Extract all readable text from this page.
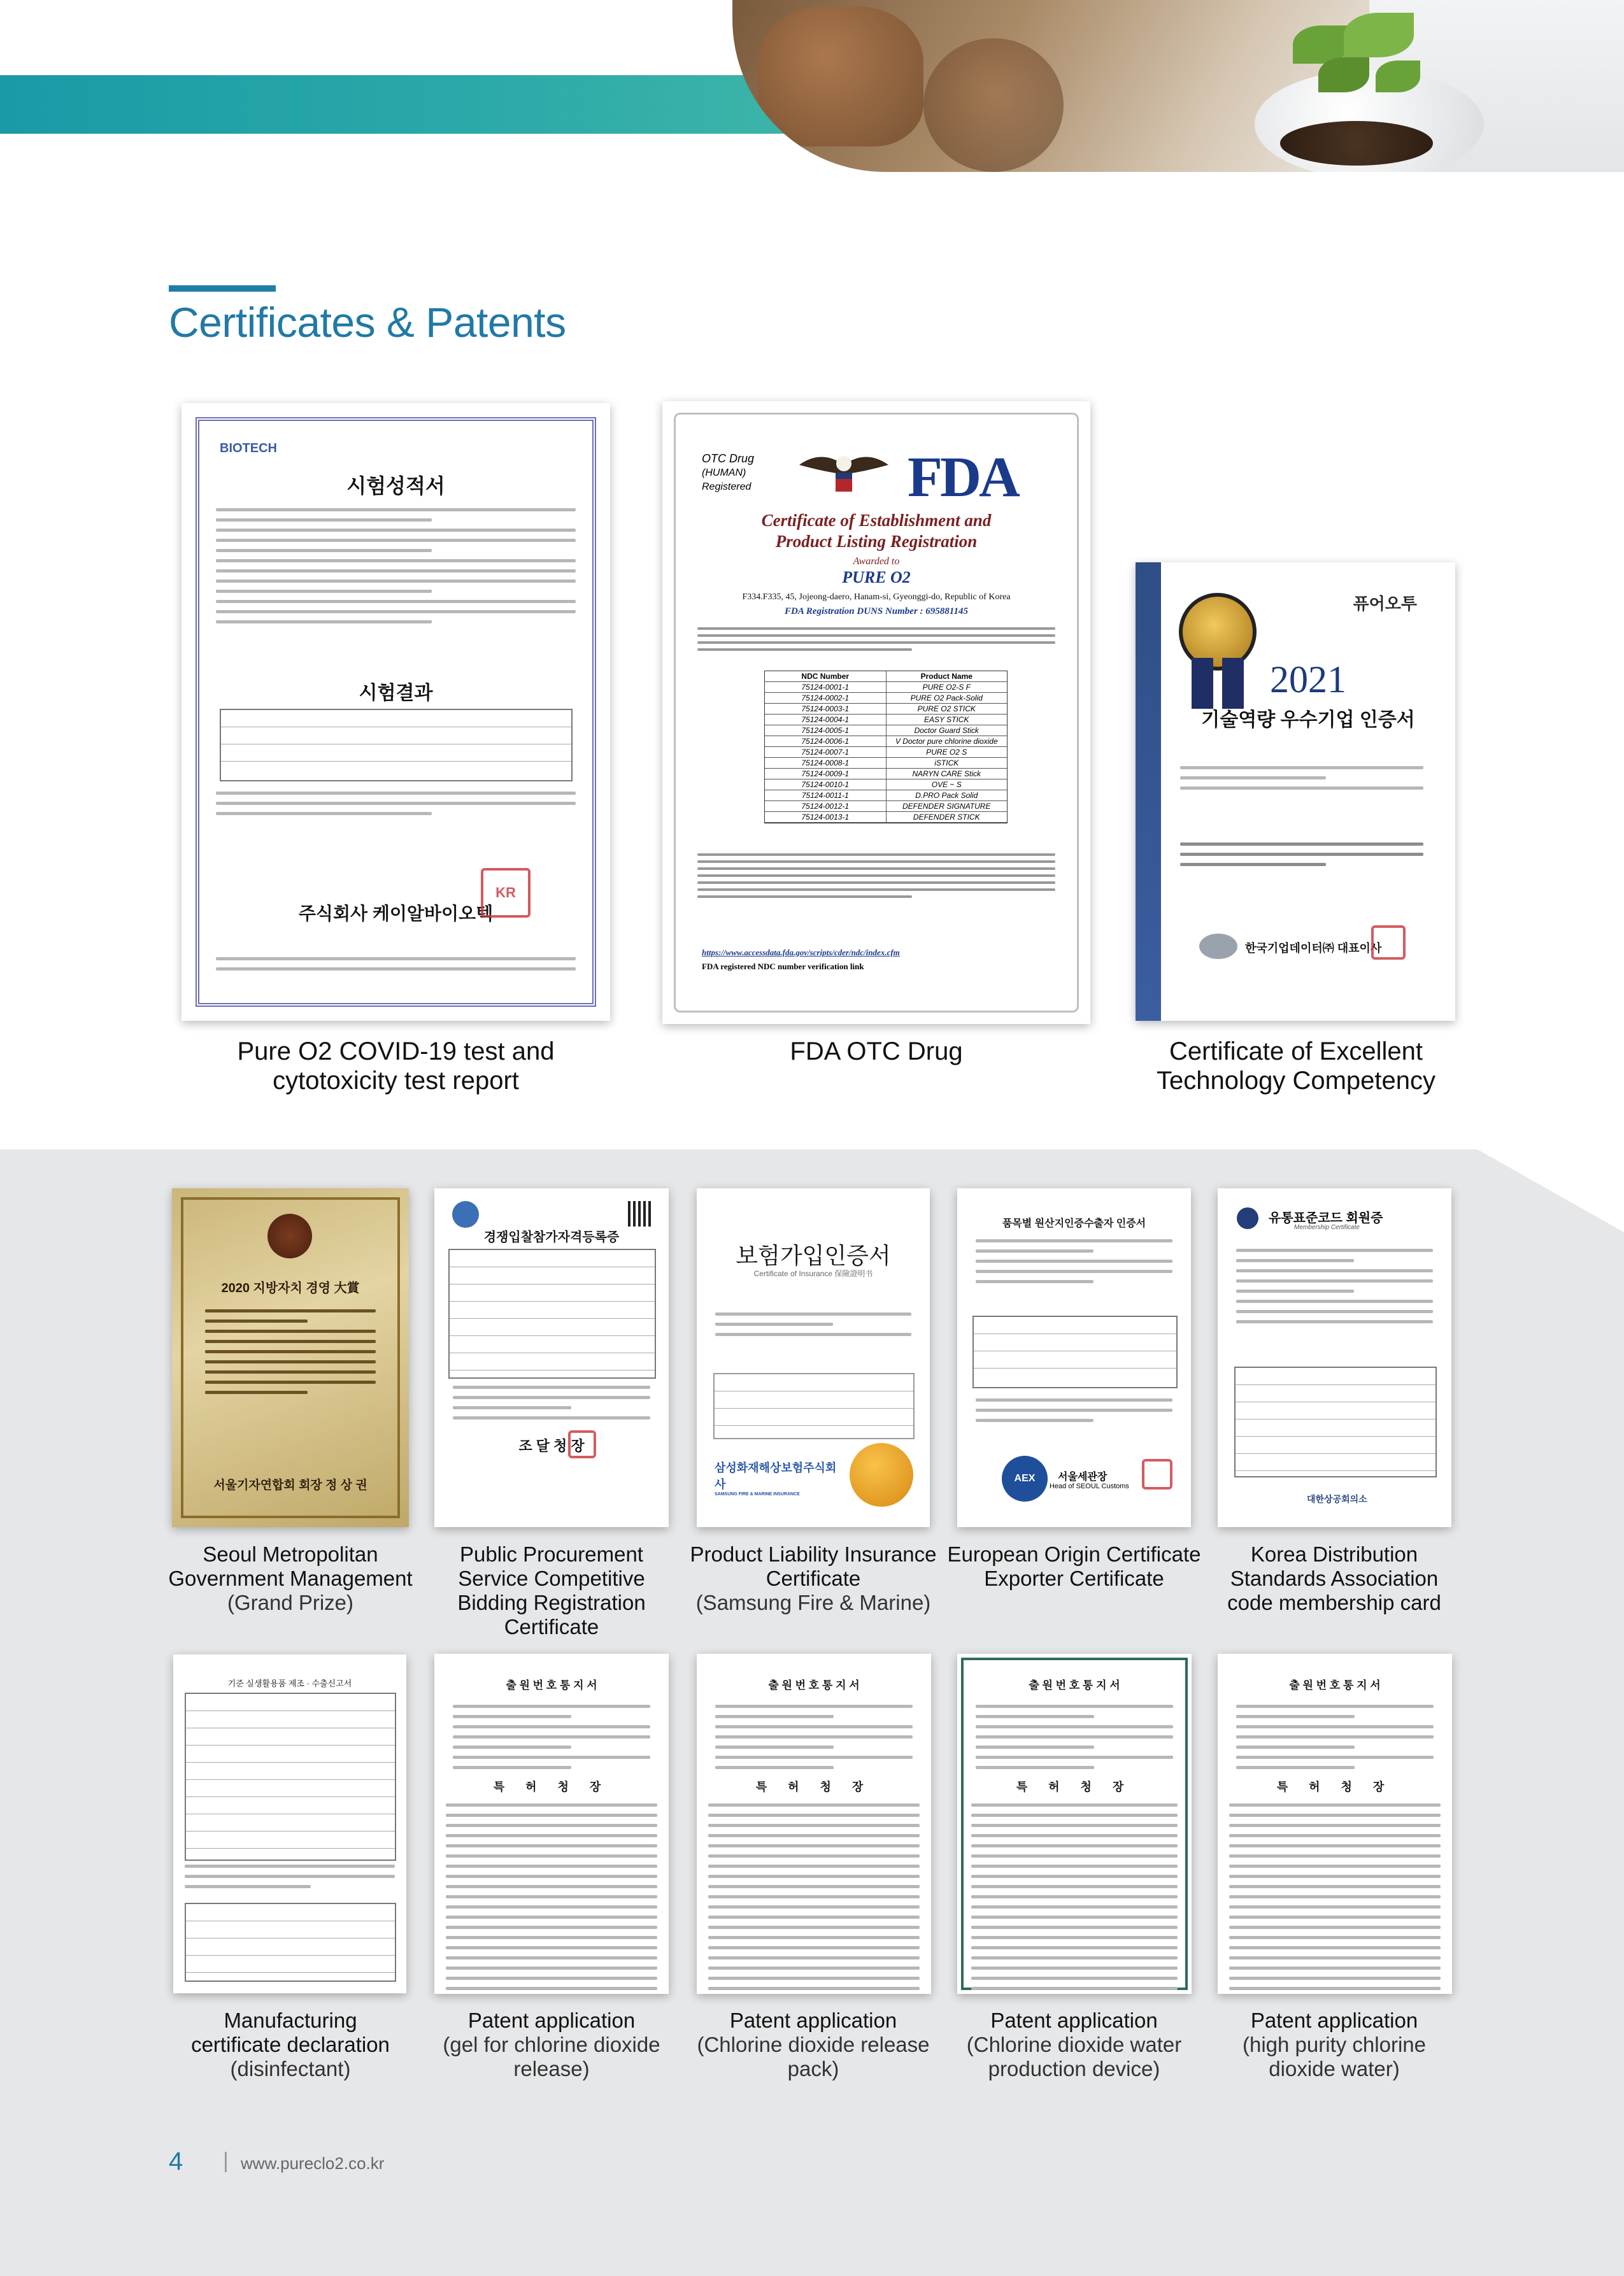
Certificates & Patents
BIOTECH
시험성적서
시험결과
주식회사 케이알바이오텍
KR
OTC Drug
(HUMAN)
Registered	FDA
Certificate of Establishment and
Product Listing Registration
Awarded to
PURE O2
F334.F335, 45, Jojeong-daero, Hanam-si, Gyeonggi-do, Republic of Korea
FDA Registration DUNS Number : 695881145
NDC Number	Product Name
75124-0001-1	PURE O2-S F
75124-0002-1	PURE O2 Pack-Solid
75124-0003-1	PURE O2 STICK
75124-0004-1	EASY STICK
75124-0005-1	Doctor Guard Stick
75124-0006-1	V Doctor pure chlorine dioxide
75124-0007-1	PURE O2 S
75124-0008-1	iSTICK
75124-0009-1	NARYN CARE Stick
75124-0010-1	OVE ~ S
75124-0011-1	D.PRO Pack Solid
75124-0012-1	DEFENDER SIGNATURE
75124-0013-1	DEFENDER STICK
https://www.accessdata.fda.gov/scripts/cder/ndc/index.cfm
FDA registered NDC number verification link
퓨어오투
2021
기술역량 우수기업 인증서
한국기업데이터㈜ 대표이사
Pure O2 COVID-19 test and
cytotoxicity test report
FDA OTC Drug	Certificate of Excellent
Technology Competency
2020 지방자치 경영 大賞
서울기자연합회 회장 정 상 권
경쟁입찰참가자격등록증
조 달 청 장
보험가입인증서
Certificate of Insurance 保險證明书
삼성화재해상보험주식회사
SAMSUNG FIRE & MARINE INSURANCE
품목별 원산지인증수출자 인증서
AEX	서울세관장
Head of SEOUL Customs
유통표준코드 회원증
Membership Certificate
대한상공회의소
Seoul Metropolitan
Government Management
(Grand Prize)
Public Procurement
Service Competitive
Bidding Registration
Certificate
Product Liability Insurance
Certificate
(Samsung Fire & Marine)
European Origin Certificate
Exporter Certificate
Korea Distribution
Standards Association
code membership card
기준 실생활용품 제조 · 수출신고서	출 원 번 호 통 지 서
특 허 청 장
출 원 번 호 통 지 서
특 허 청 장
출 원 번 호 통 지 서
특 허 청 장
출 원 번 호 통 지 서
특 허 청 장
Manufacturing
certificate declaration
(disinfectant)
Patent application
(gel for chlorine dioxide
release)
Patent application
(Chlorine dioxide release
pack)
Patent application
(Chlorine dioxide water
production device)
Patent application
(high purity chlorine
dioxide water)
4 | www.pureclo2.co.kr
